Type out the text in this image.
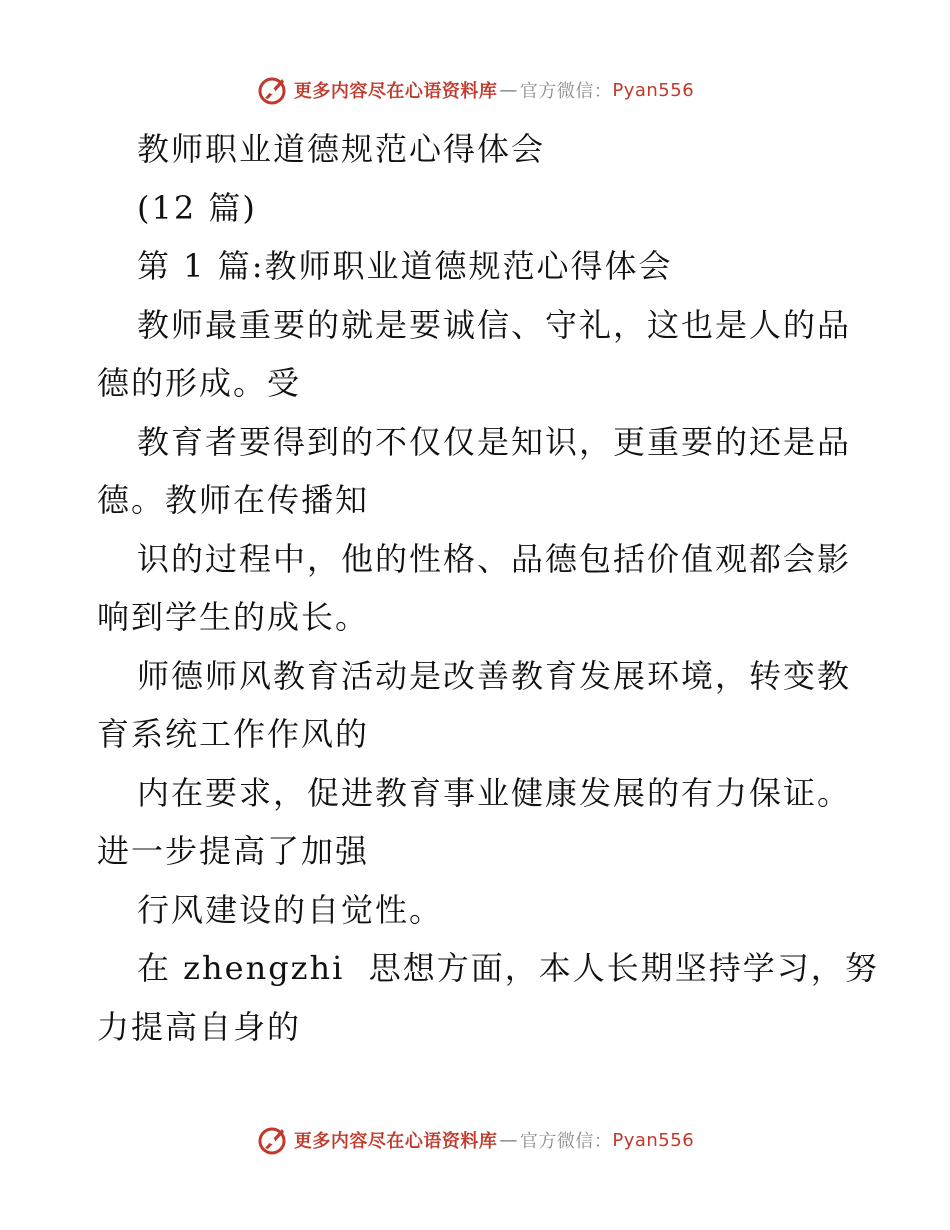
更多内容尽在心语资料库 — 官方微信： Pyan556

教师职业道德规范心得体会

(12 篇)

第 1 篇:教师职业道德规范心得体会

教师最重要的就是要诚信、守礼，这也是人的品

德的形成。受

教育者要得到的不仅仅是知识，更重要的还是品

德。教师在传播知

识的过程中，他的性格、品德包括价值观都会影

响到学生的成长。

师德师风教育活动是改善教育发展环境，转变教

育系统工作作风的

内在要求，促进教育事业健康发展的有力保证。

进一步提高了加强

行风建设的自觉性。

在 zhengzhi  思想方面，本人长期坚持学习，努

力提高自身的

更多内容尽在心语资料库 — 官方微信： Pyan556
